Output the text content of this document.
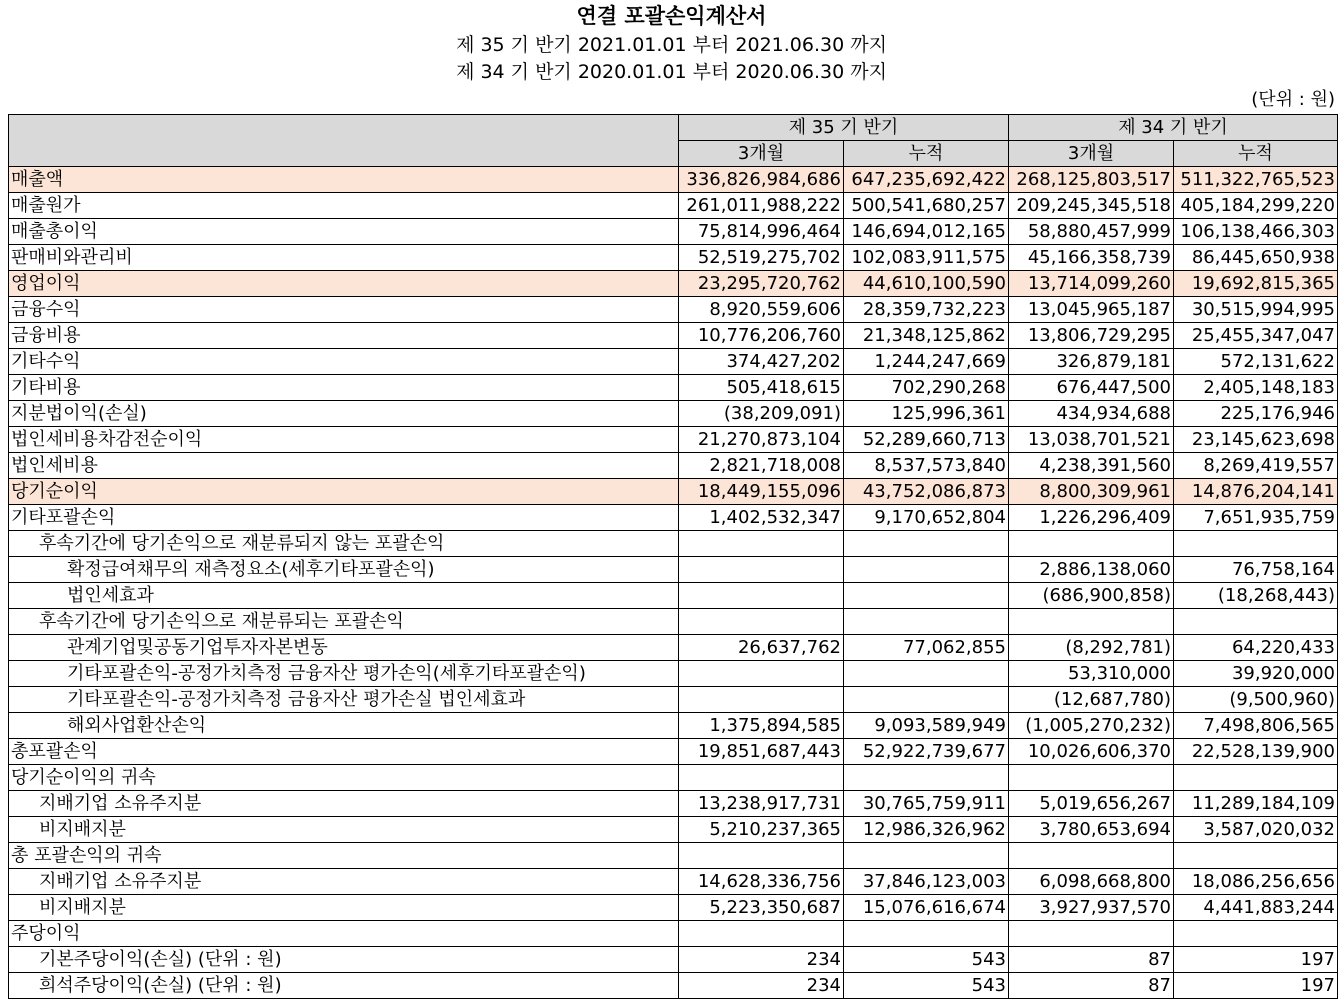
연결 포괄손익계산서
제 35 기 반기 2021.01.01 부터 2021.06.30 까지
제 34 기 반기 2020.01.01 부터 2020.06.30 까지
(단위 : 원)
	제 35 기 반기		제 34 기 반기	
	3개월	누적	3개월	누적
매출액	336,826,984,686	647,235,692,422	268,125,803,517	511,322,765,523
매출원가	261,011,988,222	500,541,680,257	209,245,345,518	405,184,299,220
매출총이익	75,814,996,464	146,694,012,165	58,880,457,999	106,138,466,303
판매비와관리비	52,519,275,702	102,083,911,575	45,166,358,739	86,445,650,938
영업이익	23,295,720,762	44,610,100,590	13,714,099,260	19,692,815,365
금융수익	8,920,559,606	28,359,732,223	13,045,965,187	30,515,994,995
금융비용	10,776,206,760	21,348,125,862	13,806,729,295	25,455,347,047
기타수익	374,427,202	1,244,247,669	326,879,181	572,131,622
기타비용	505,418,615	702,290,268	676,447,500	2,405,148,183
지분법이익(손실)	(38,209,091)	125,996,361	434,934,688	225,176,946
법인세비용차감전순이익	21,270,873,104	52,289,660,713	13,038,701,521	23,145,623,698
법인세비용	2,821,718,008	8,537,573,840	4,238,391,560	8,269,419,557
당기순이익	18,449,155,096	43,752,086,873	8,800,309,961	14,876,204,141
기타포괄손익	1,402,532,347	9,170,652,804	1,226,296,409	7,651,935,759
후속기간에 당기손익으로 재분류되지 않는 포괄손익				
확정급여채무의 재측정요소(세후기타포괄손익)			2,886,138,060	76,758,164
법인세효과			(686,900,858)	(18,268,443)
후속기간에 당기손익으로 재분류되는 포괄손익				
관계기업및공동기업투자자본변동	26,637,762	77,062,855	(8,292,781)	64,220,433
기타포괄손익-공정가치측정 금융자산 평가손익(세후기타포괄손익)			53,310,000	39,920,000
기타포괄손익-공정가치측정 금융자산 평가손실 법인세효과			(12,687,780)	(9,500,960)
해외사업환산손익	1,375,894,585	9,093,589,949	(1,005,270,232)	7,498,806,565
총포괄손익	19,851,687,443	52,922,739,677	10,026,606,370	22,528,139,900
당기순이익의 귀속				
지배기업 소유주지분	13,238,917,731	30,765,759,911	5,019,656,267	11,289,184,109
비지배지분	5,210,237,365	12,986,326,962	3,780,653,694	3,587,020,032
총 포괄손익의 귀속				
지배기업 소유주지분	14,628,336,756	37,846,123,003	6,098,668,800	18,086,256,656
비지배지분	5,223,350,687	15,076,616,674	3,927,937,570	4,441,883,244
주당이익				
기본주당이익(손실) (단위 : 원)	234	543	87	197
희석주당이익(손실) (단위 : 원)	234	543	87	197
